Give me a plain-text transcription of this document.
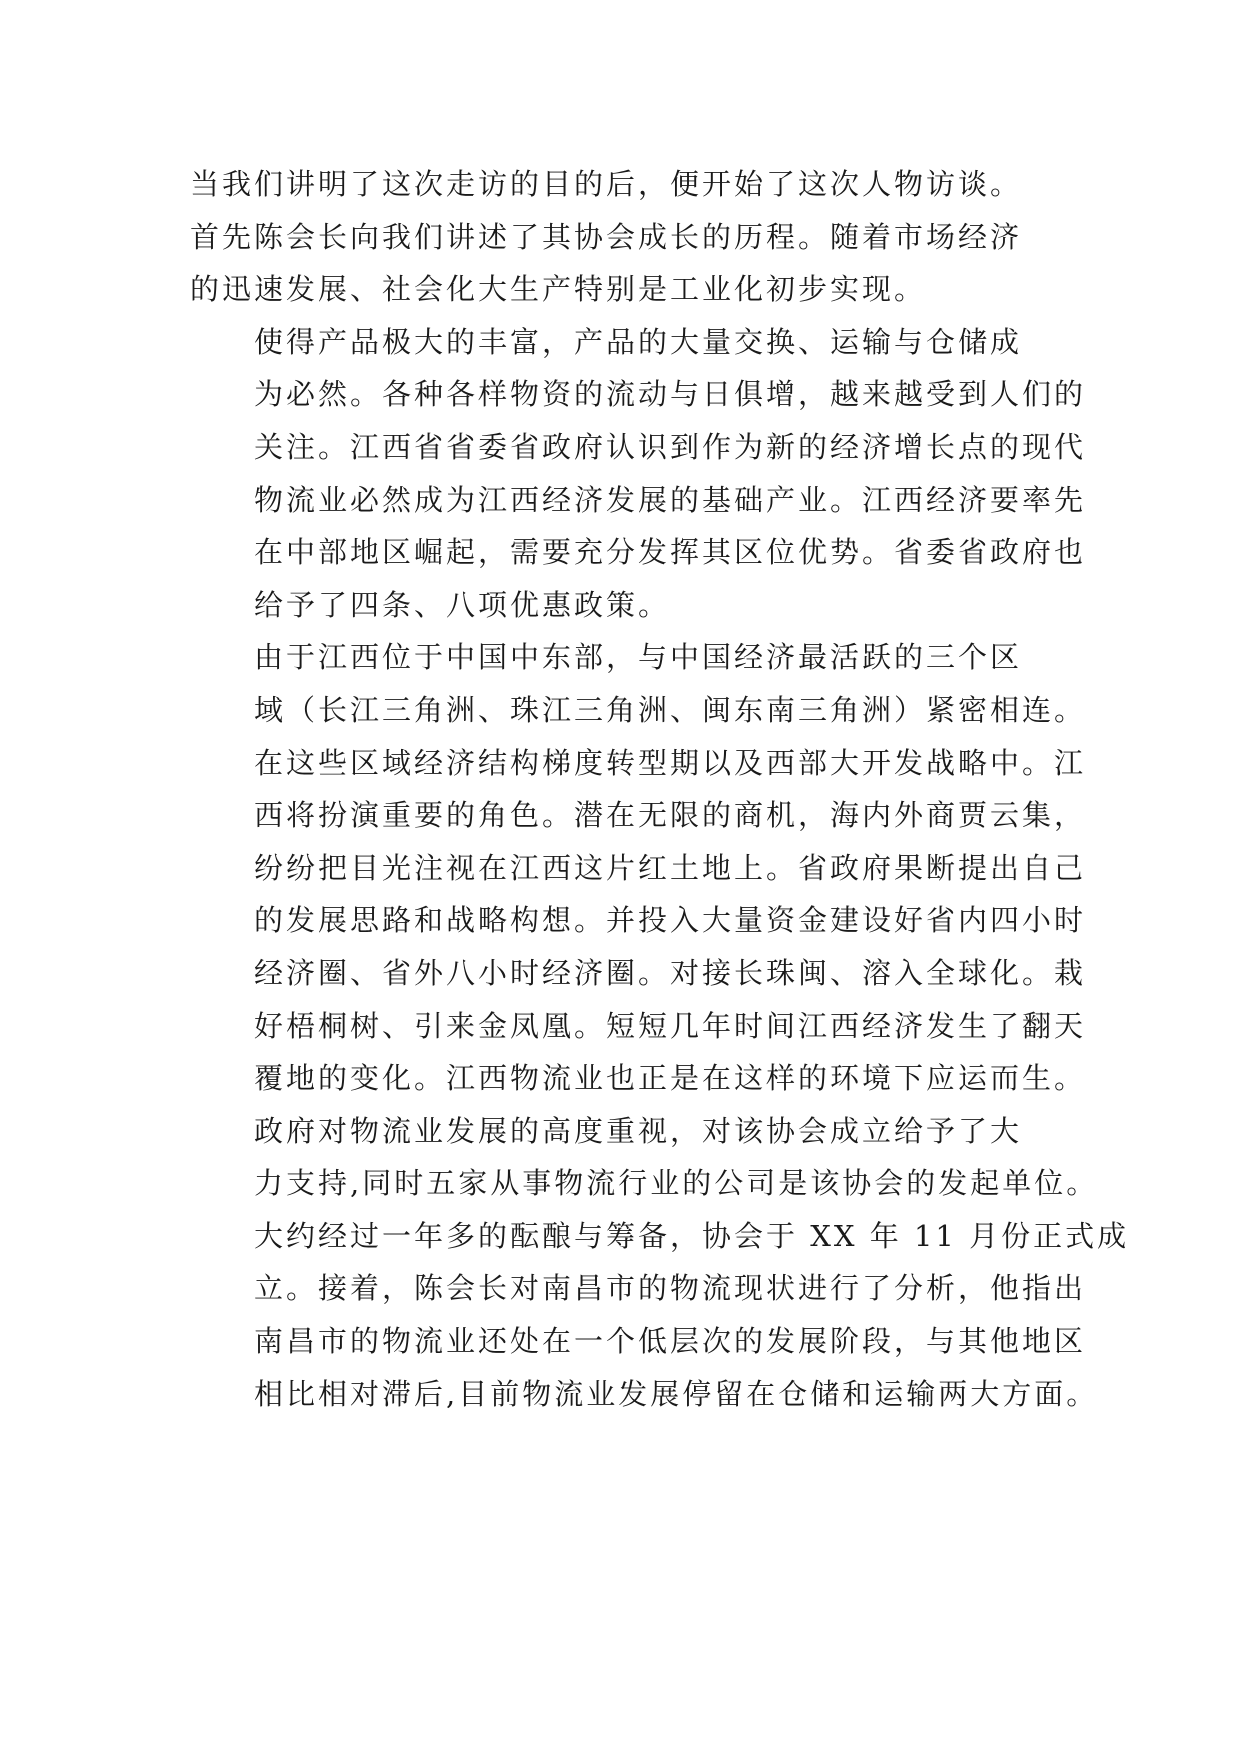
当我们讲明了这次走访的目的后，便开始了这次人物访谈。
首先陈会长向我们讲述了其协会成长的历程。随着市场经济
的迅速发展、社会化大生产特别是工业化初步实现。

使得产品极大的丰富，产品的大量交换、运输与仓储成
为必然。各种各样物资的流动与日俱增，越来越受到人们的
关注。江西省省委省政府认识到作为新的经济增长点的现代
物流业必然成为江西经济发展的基础产业。江西经济要率先
在中部地区崛起，需要充分发挥其区位优势。省委省政府也
给予了四条、八项优惠政策。

由于江西位于中国中东部，与中国经济最活跃的三个区
域（长江三角洲、珠江三角洲、闽东南三角洲）紧密相连。
在这些区域经济结构梯度转型期以及西部大开发战略中。江
西将扮演重要的角色。潜在无限的商机，海内外商贾云集，
纷纷把目光注视在江西这片红土地上。省政府果断提出自己
的发展思路和战略构想。并投入大量资金建设好省内四小时
经济圈、省外八小时经济圈。对接长珠闽、溶入全球化。栽
好梧桐树、引来金凤凰。短短几年时间江西经济发生了翻天
覆地的变化。江西物流业也正是在这样的环境下应运而生。

政府对物流业发展的高度重视，对该协会成立给予了大
力支持,同时五家从事物流行业的公司是该协会的发起单位。
大约经过一年多的酝酿与筹备，协会于 XX 年 11 月份正式成
立。接着，陈会长对南昌市的物流现状进行了分析，他指出
南昌市的物流业还处在一个低层次的发展阶段，与其他地区
相比相对滞后,目前物流业发展停留在仓储和运输两大方面。
